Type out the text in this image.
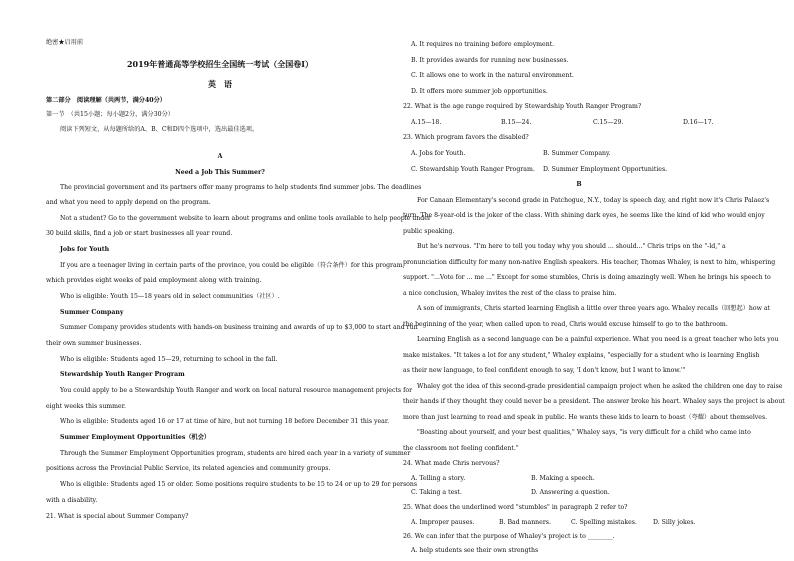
绝密★启用前
2019年普通高等学校招生全国统一考试（全国卷Ⅰ）
英　语
第二部分　阅读理解（共两节，满分40分）
第一节　（共15小题；每小题2分，满分30分）
阅读下列短文，从每题所给的A、B、C和D四个选项中，选出最佳选项。
A
Need a Job This Summer?
The provincial government and its partners offer many programs to help students find summer jobs. The deadlines
and what you need to apply depend on the program.
Not a student? Go to the government website to learn about programs and online tools available to help people under
30 build skills, find a job or start businesses all year round.
Jobs for Youth
If you are a teenager living in certain parts of the province, you could be eligible（符合条件）for this program,
which provides eight weeks of paid employment along with training.
Who is eligible: Youth 15—18 years old in select communities（社区）.
Summer Company
Summer Company provides students with hands-on business training and awards of up to $3,000 to start and run
their own summer businesses.
Who is eligible: Students aged 15—29, returning to school in the fall.
Stewardship Youth Ranger Program
You could apply to be a Stewardship Youth Ranger and work on local natural resource management projects for
eight weeks this summer.
Who is eligible: Students aged 16 or 17 at time of hire, but not turning 18 before December 31 this year.
Summer Employment Opportunities（机会）
Through the Summer Employment Opportunities program, students are hired each year in a variety of summer
positions across the Provincial Public Service, its related agencies and community groups.
Who is eligible: Students aged 15 or older. Some positions require students to be 15 to 24 or up to 29 for persons
with a disability.
21. What is special about Summer Company?
A. It requires no training before employment.
B. It provides awards for running new businesses.
C. It allows one to work in the natural environment.
D. It offers more summer job opportunities.
22. What is the age range required by Stewardship Youth Ranger Program?
A.15—18.	B.15—24.	C.15—29.	D.16—17.
23. Which program favors the disabled?
A. Jobs for Youth.	B. Summer Company.
C. Stewardship Youth Ranger Program. D. Summer Employment Opportunities.
B
For Canaan Elementary's second grade in Patchogue, N.Y., today is speech day, and right now it's Chris Palaez's
turn. The 8-year-old is the joker of the class. With shining dark eyes, he seems like the kind of kid who would enjoy
public speaking.
But he's nervous. "I'm here to tell you today why you should ... should..." Chris trips on the "-ld," a
pronunciation difficulty for many non-native English speakers. His teacher, Thomas Whaley, is next to him, whispering
support. "...Vote for ... me ..." Except for some stumbles, Chris is doing amazingly well. When he brings his speech to
a nice conclusion, Whaley invites the rest of the class to praise him.
A son of immigrants, Chris started learning English a little over three years ago. Whaley recalls（回想起）how at
the beginning of the year, when called upon to read, Chris would excuse himself to go to the bathroom.
Learning English as a second language can be a painful experience. What you need is a great teacher who lets you
make mistakes. "It takes a lot for any student," Whaley explains, "especially for a student who is learning English
as their new language, to feel confident enough to say, 'I don't know, but I want to know.'"
Whaley got the idea of this second-grade presidential campaign project when he asked the children one day to raise
their hands if they thought they could never be a president. The answer broke his heart. Whaley says the project is about
more than just learning to read and speak in public. He wants these kids to learn to boast（夸耀）about themselves.
"Boasting about yourself, and your best qualities," Whaley says, "is very difficult for a child who came into
the classroom not feeling confident."
24. What made Chris nervous?
A. Telling a story.	B. Making a speech.
C. Taking a test.	D. Answering a question.
25. What does the underlined word "stumbles" in paragraph 2 refer to?
A. Improper pauses.	B. Bad manners.	C. Spelling mistakes.	D. Silly jokes.
26. We can infer that the purpose of Whaley's project is to ________.
A. help students see their own strengths
